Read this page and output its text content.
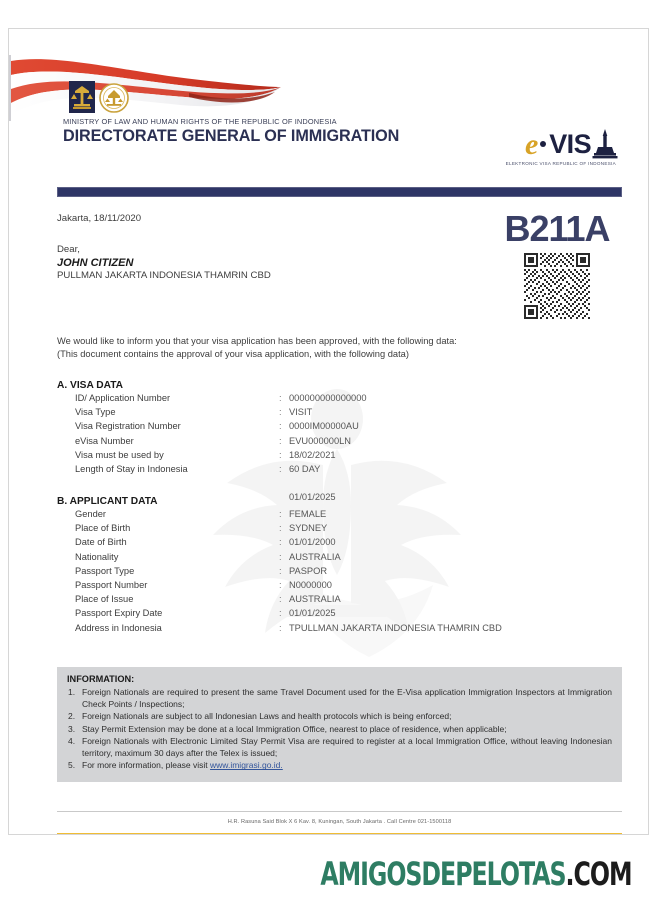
MINISTRY OF LAW AND HUMAN RIGHTS OF THE REPUBLIC OF INDONESIA
DIRECTORATE GENERAL OF IMMIGRATION	e VIS
ELEKTRONIC VISA REPUBLIC OF INDONESIA
B211A
Jakarta, 18/11/2020
Dear,
JOHN CITIZEN
PULLMAN JAKARTA INDONESIA THAMRIN CBD
We would like to inform you that your visa application has been approved, with the following data:
(This document contains the approval of your visa application, with the following data)
A. VISA DATA
ID/ Application Number	: 000000000000000
Visa Type	: VISIT
Visa Registration Number	: 0000IM00000AU
eVisa Number	: EVU000000LN
Visa must be used by	: 18/02/2021
Length of Stay in Indonesia	: 60 DAY
B. APPLICANT DATA	01/01/2025
Gender	: FEMALE
Place of Birth	: SYDNEY
Date of Birth	: 01/01/2000
Nationality	: AUSTRALIA
Passport Type	: PASPOR
Passport Number	: N0000000
Place of Issue	: AUSTRALIA
Passport Expiry Date	: 01/01/2025
Address in Indonesia	: TPULLMAN JAKARTA INDONESIA THAMRIN CBD
INFORMATION:
1. Foreign Nationals are required to present the same Travel Document used for the E-Visa application Immigration Inspectors at Immigration Check Points / Inspections;
2. Foreign Nationals are subject to all Indonesian Laws and health protocols which is being enforced;
3. Stay Permit Extension may be done at a local Immigration Office, nearest to place of residence, when applicable;
4. Foreign Nationals with Electronic Limited Stay Permit Visa are required to register at a local Immigration Office, without leaving Indonesian territory, maximum 30 days after the Telex is issued;
5. For more information, please visit www.imigrasi.go.id.
H.R. Rasuna Said Blok X 6 Kav. 8, Kuningan, South Jakarta . Call Centre 021-1500118
AMIGOSDEPELOTAS.COM
